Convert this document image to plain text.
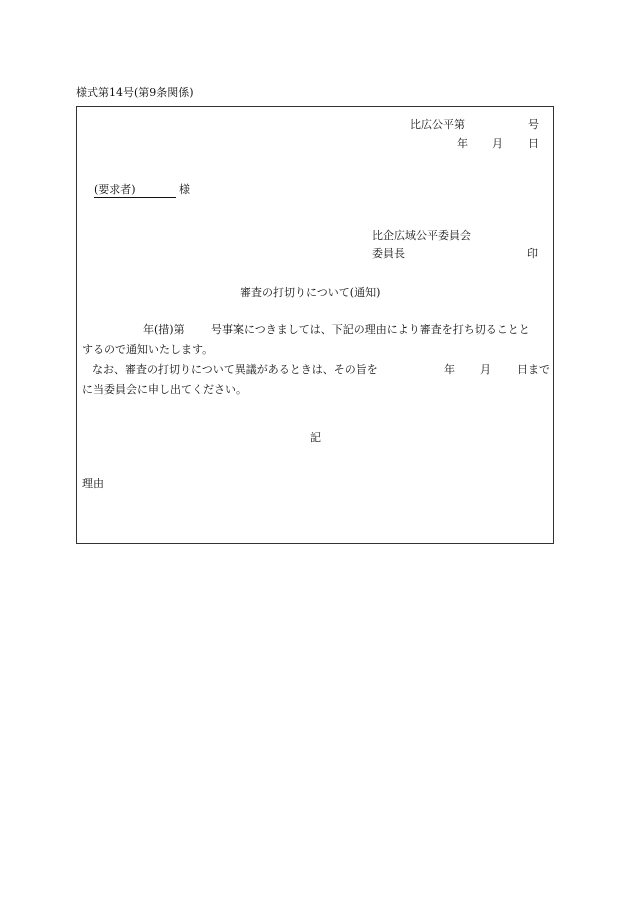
様式第14号(第9条関係)
比広公平第	号
年 月 日
(要求者)	様
比企広域公平委員会
委員長	印
審査の打切りについて(通知)
年(措)第 号事案につきましては、下記の理由により審査を打ち切ることと
するので通知いたします。
なお、審査の打切りについて異議があるときは、その旨を	年 月 日まで
に当委員会に申し出てください。
記
理由
